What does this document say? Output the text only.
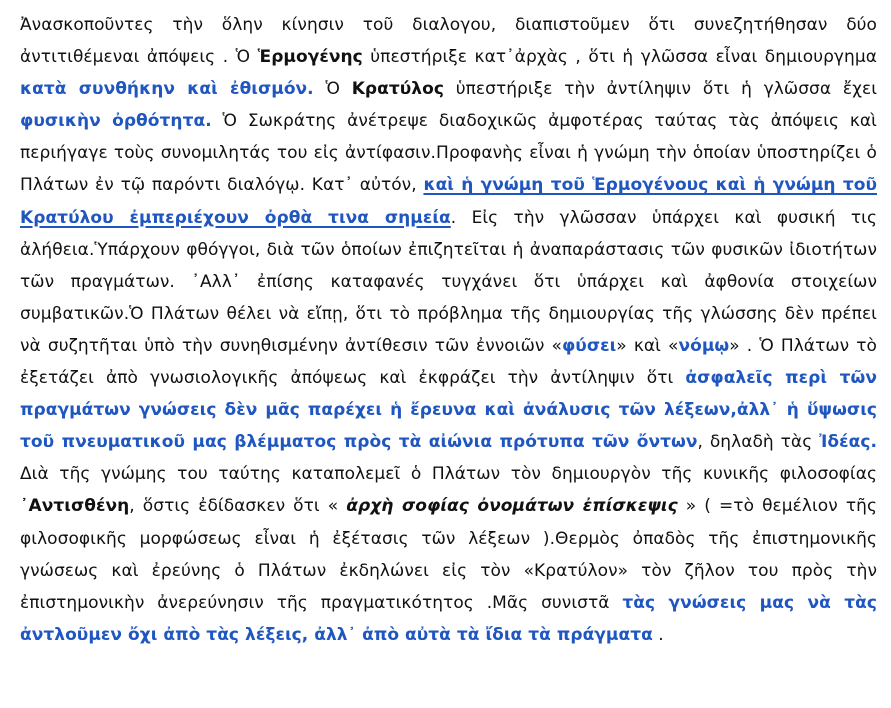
Ἀνασκοποῦντες τὴν ὅλην κίνησιν τοῦ διαλογου, διαπιστοῦμεν ὅτι συνεζητήθησαν δύο ἀντιτιθέμεναι ἀπόψεις . Ὁ Ἑρμογένης ὑπεστήριξε κατ᾽ἀρχὰς , ὅτι ἡ γλῶσσα εἶναι δημιουργημα κατὰ συνθήκην καὶ ἐθισμόν. Ὁ Κρατύλος ὑπεστήριξε τὴν ἀντίληψιν ὅτι ἡ γλῶσσα ἔχει φυσικὴν ὀρθότητα. Ὁ Σωκράτης ἀνέτρεψε διαδοχικῶς ἀμφοτέρας ταύτας τὰς ἀπόψεις καὶ περιήγαγε τοὺς συνομιλητάς του εἰς ἀντίφασιν.Προφανὴς εἶναι ἡ γνώμη τὴν ὁποίαν ὑποστηρίζει ὁ Πλάτων ἐν τῷ παρόντι διαλόγῳ. Κατ᾽ αὐτόν, καὶ ἡ γνώμη τοῦ Ἑρμογένους καὶ ἡ γνώμη τοῦ Κρατύλου ἐμπεριέχουν ὀρθὰ τινα σημεία. Εἰς τὴν γλῶσσαν ὑπάρχει καὶ φυσική τις ἀλήθεια.Ὑπάρχουν φθόγγοι, διὰ τῶν ὁποίων ἐπιζητεῖται ἡ ἀναπαράστασις τῶν φυσικῶν ἰδιοτήτων τῶν πραγμάτων. ᾽Αλλ᾽ ἐπίσης καταφανές τυγχάνει ὅτι ὑπάρχει καὶ ἀφθονία στοιχείων συμβατικῶν.Ὁ Πλάτων θέλει νὰ εἴπῃ, ὅτι τὸ πρόβλημα τῆς δημιουργίας τῆς γλώσσης δὲν πρέπει νὰ συζητῆται ὑπὸ τὴν συνηθισμένην ἀντίθεσιν τῶν ἐννοιῶν «φύσει» καὶ «νόμῳ» . Ὁ Πλάτων τὸ ἐξετάζει ἀπὸ γνωσιολογικῆς ἀπόψεως καὶ ἐκφράζει τὴν ἀντίληψιν ὅτι ἀσφαλεῖς περὶ τῶν πραγμάτων γνώσεις δὲν μᾶς παρέχει ἡ ἔρευνα καὶ ἀνάλυσις τῶν λέξεων,ἀλλ᾽ ἡ ὕψωσις τοῦ πνευματικοῦ μας βλέμματος πρὸς τὰ αἰώνια πρότυπα τῶν ὄντων, δηλαδὴ τὰς Ἰδέας. Διὰ τῆς γνώμης του ταύτης καταπολεμεῖ ὁ Πλάτων τὸν δημιουργὸν τῆς κυνικῆς φιλοσοφίας ᾽Αντισθένη, ὅστις ἐδίδασκεν ὅτι « ἀρχὴ σοφίας ὀνομάτων ἐπίσκεψις » ( =τὸ θεμέλιον τῆς φιλοσοφικῆς μορφώσεως εἶναι ἡ ἐξέτασις τῶν λέξεων ).Θερμὸς ὀπαδὸς τῆς ἐπιστημονικῆς γνώσεως καὶ ἐρεύνης ὁ Πλάτων ἐκδηλώνει εἰς τὸν «Κρατύλον» τὸν ζῆλον του πρὸς τὴν ἐπιστημονικὴν ἀνερεύνησιν τῆς πραγματικότητος .Μᾶς συνιστᾶ τὰς γνώσεις μας νὰ τὰς ἀντλοῦμεν ὄχι ἀπὸ τὰς λέξεις, ἀλλ᾽ ἀπὸ αὐτὰ τὰ ἴδια τὰ πράγματα .
